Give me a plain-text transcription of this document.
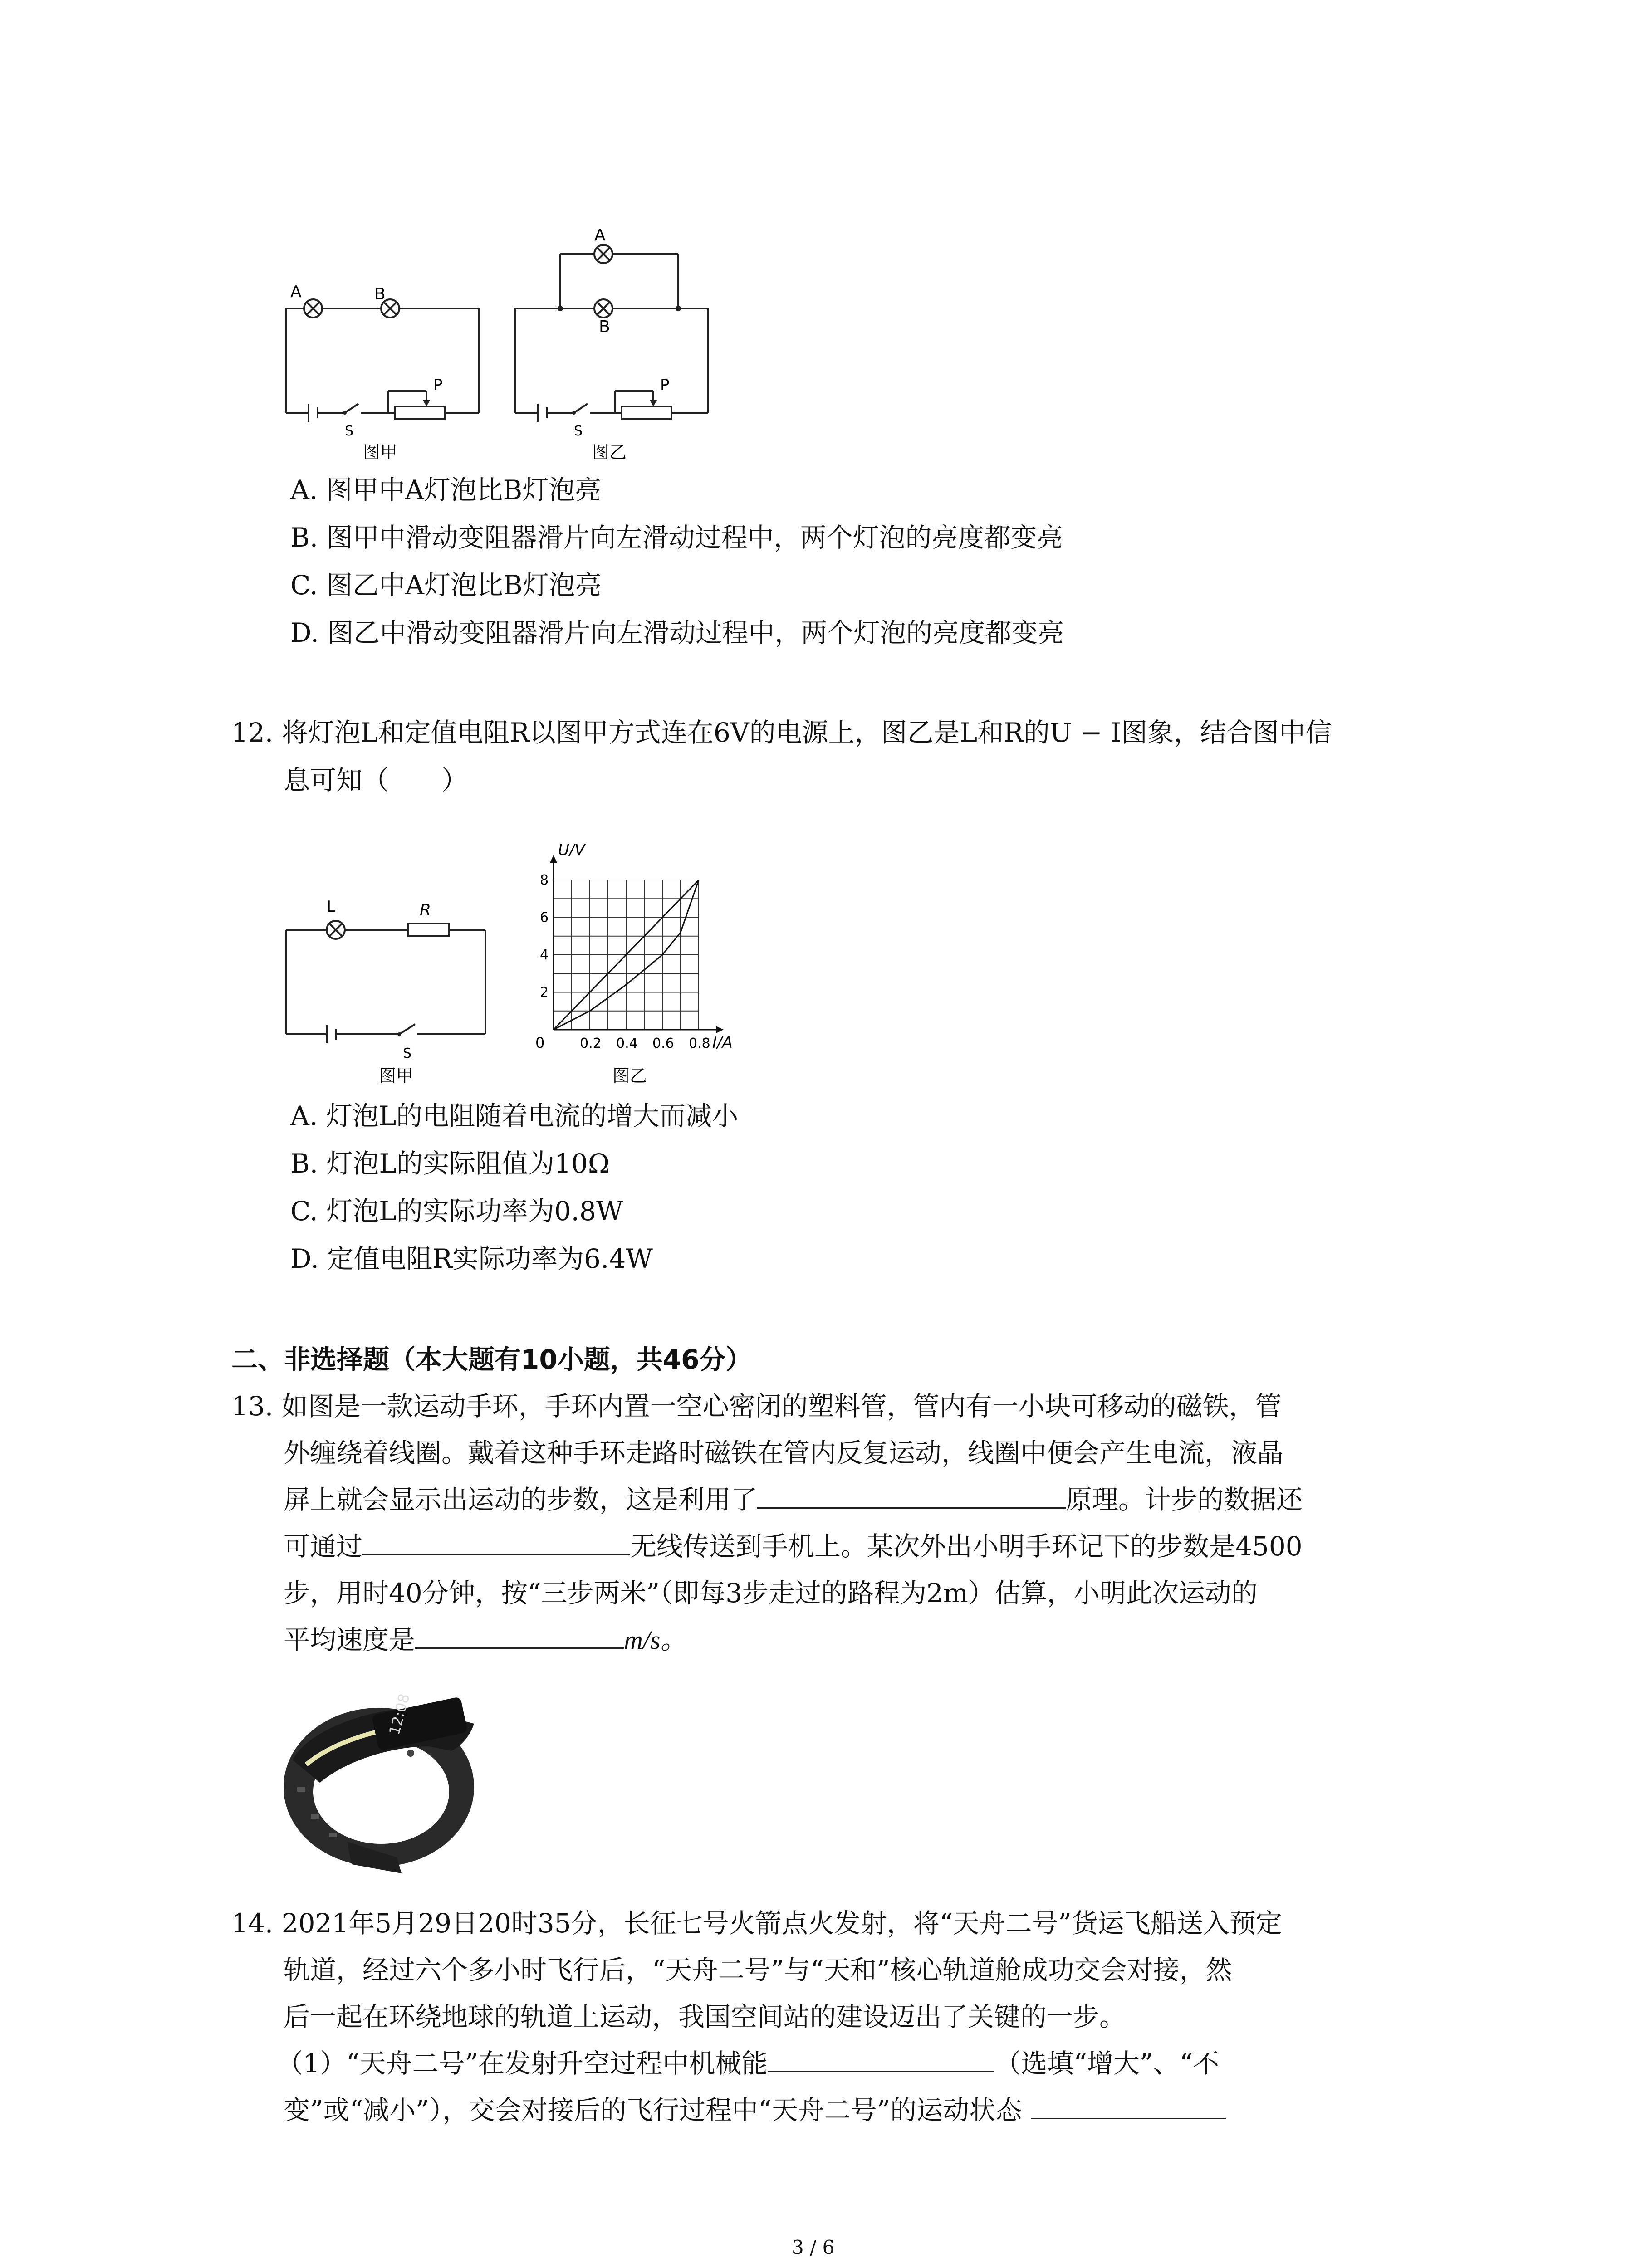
A	B
P
S
图甲
A
B
P
S
图乙
A. 图甲中A灯泡比B灯泡亮
B. 图甲中滑动变阻器滑片向左滑动过程中，两个灯泡的亮度都变亮
C. 图乙中A灯泡比B灯泡亮
D. 图乙中滑动变阻器滑片向左滑动过程中，两个灯泡的亮度都变亮
12. 将灯泡L和定值电阻R以图甲方式连在6V的电源上，图乙是L和R的U − I图象，结合图中信
息可知（　　）
L	R
S
图甲
0.2 0.4 0.6 0.8
2
4
6
8
U/V
I/A
0
图乙
A. 灯泡L的电阻随着电流的增大而减小
B. 灯泡L的实际阻值为10Ω
C. 灯泡L的实际功率为0.8W
D. 定值电阻R实际功率为6.4W
二、非选择题（本大题有10小题，共46分）
13. 如图是一款运动手环，手环内置一空心密闭的塑料管，管内有一小块可移动的磁铁，管
外缠绕着线圈。戴着这种手环走路时磁铁在管内反复运动，线圈中便会产生电流，液晶
屏上就会显示出运动的步数，这是利用了	原理。计步的数据还
可通过	无线传送到手机上。某次外出小明手环记下的步数是4500
步，用时40分钟，按“三步两米”（即每3步走过的路程为2m）估算，小明此次运动的
平均速度是	m/s。
12:08
14. 2021年5月29日20时35分，长征七号火箭点火发射，将“天舟二号”货运飞船送入预定
轨道，经过六个多小时飞行后，“天舟二号”与“天和”核心轨道舱成功交会对接，然
后一起在环绕地球的轨道上运动，我国空间站的建设迈出了关键的一步。
（1）“天舟二号”在发射升空过程中机械能	（选填“增大”、“不
变”或“减小”），交会对接后的飞行过程中“天舟二号”的运动状态
3 / 6
